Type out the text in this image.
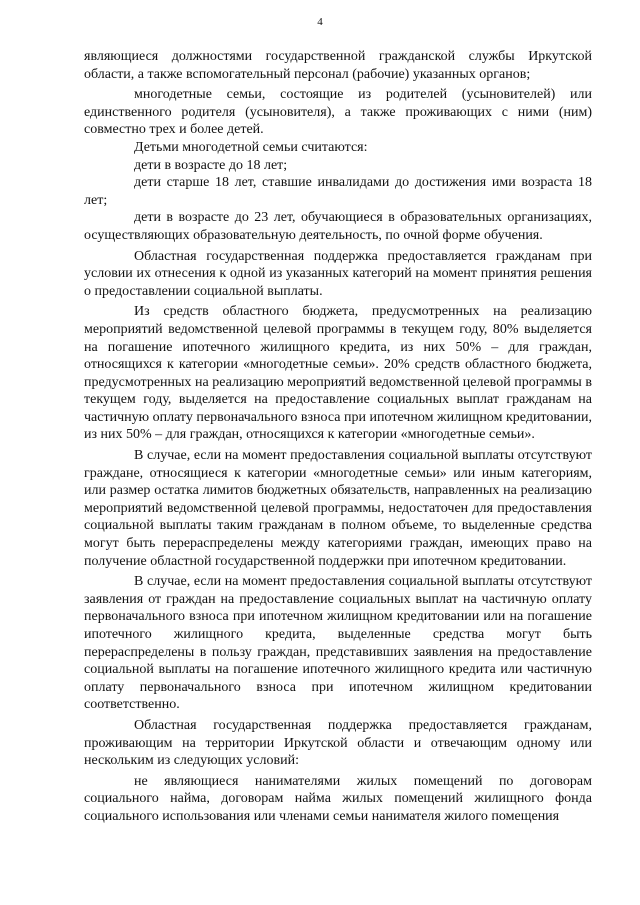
4

являющиеся должностями государственной гражданской службы Иркутской области, а также вспомогательный персонал (рабочие) указанных органов;

многодетные семьи, состоящие из родителей (усыновителей) или единственного родителя (усыновителя), а также проживающих с ними (ним) совместно трех и более детей.

Детьми многодетной семьи считаются:

дети в возрасте до 18 лет;

дети старше 18 лет, ставшие инвалидами до достижения ими возраста 18 лет;

дети в возрасте до 23 лет, обучающиеся в образовательных организациях, осуществляющих образовательную деятельность, по очной форме обучения.

Областная государственная поддержка предоставляется гражданам при условии их отнесения к одной из указанных категорий на момент принятия решения о предоставлении социальной выплаты.

Из средств областного бюджета, предусмотренных на реализацию мероприятий ведомственной целевой программы в текущем году, 80% выделяется на погашение ипотечного жилищного кредита, из них 50% – для граждан, относящихся к категории «многодетные семьи». 20% средств областного бюджета, предусмотренных на реализацию мероприятий ведомственной целевой программы в текущем году, выделяется на предоставление социальных выплат гражданам на частичную оплату первоначального взноса при ипотечном жилищном кредитовании, из них 50% – для граждан, относящихся к категории «многодетные семьи».

В случае, если на момент предоставления социальной выплаты отсутствуют граждане, относящиеся к категории «многодетные семьи» или иным категориям, или размер остатка лимитов бюджетных обязательств, направленных на реализацию мероприятий ведомственной целевой программы, недостаточен для предоставления социальной выплаты таким гражданам в полном объеме, то выделенные средства могут быть перераспределены между категориями граждан, имеющих право на получение областной государственной поддержки при ипотечном кредитовании.

В случае, если на момент предоставления социальной выплаты отсутствуют заявления от граждан на предоставление социальных выплат на частичную оплату первоначального взноса при ипотечном жилищном кредитовании или на погашение ипотечного жилищного кредита, выделенные средства могут быть перераспределены в пользу граждан, представивших заявления на предоставление социальной выплаты на погашение ипотечного жилищного кредита или частичную оплату первоначального взноса при ипотечном жилищном кредитовании соответственно.

Областная государственная поддержка предоставляется гражданам, проживающим на территории Иркутской области и отвечающим одному или нескольким из следующих условий:

не являющиеся нанимателями жилых помещений по договорам социального найма, договорам найма жилых помещений жилищного фонда социального использования или членами семьи нанимателя жилого помещения
